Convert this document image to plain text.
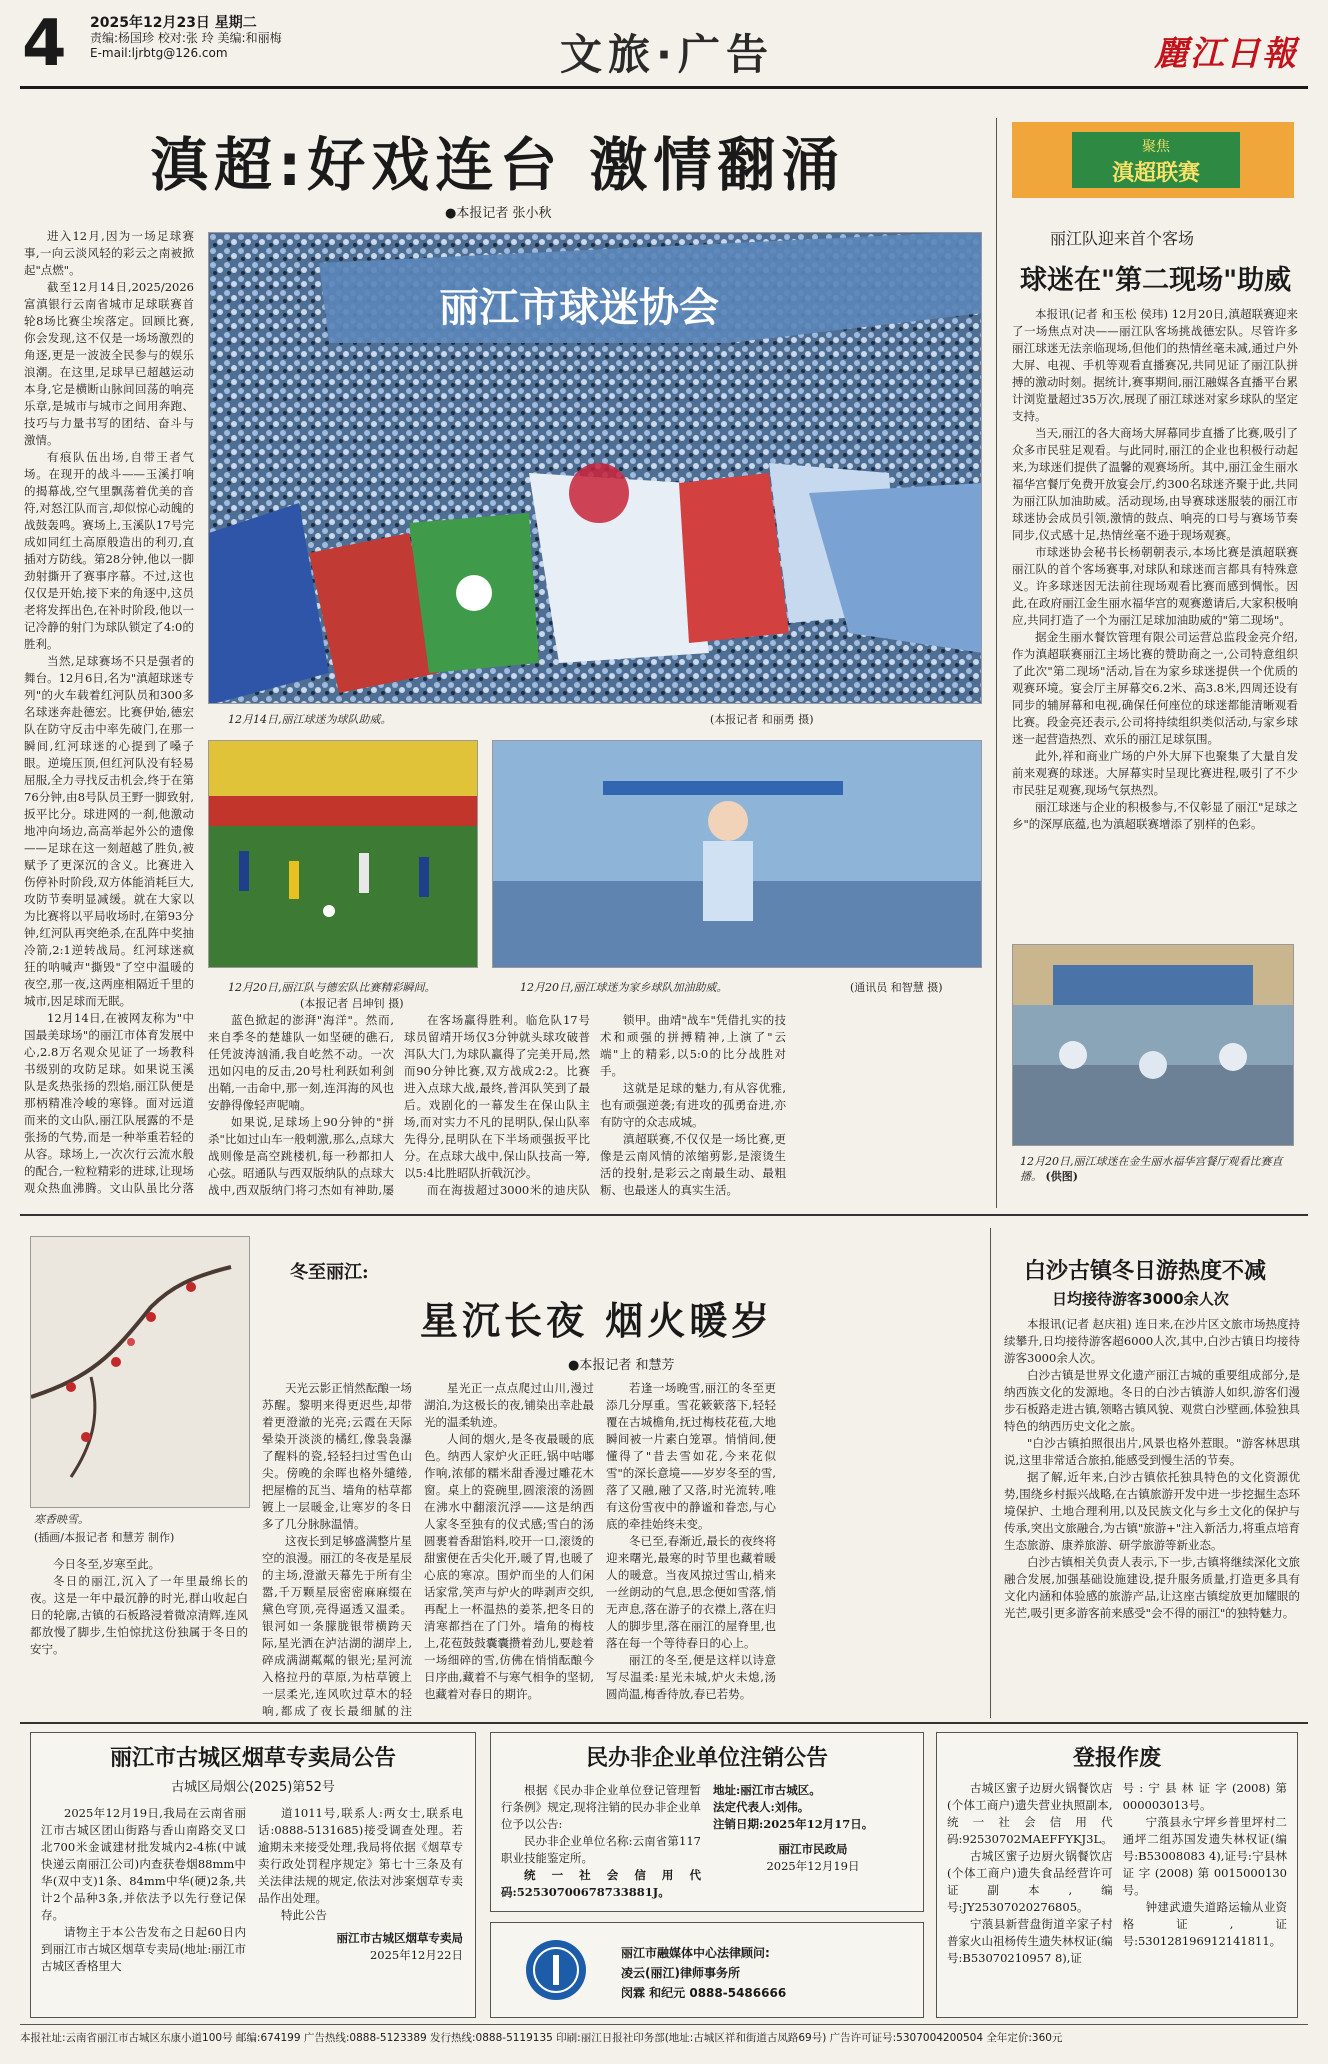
4 2025年12月23日 星期二
责编:杨国珍 校对:张 玲 美编:和丽梅
E-mail:ljrbtg@126.com	文旅·广告	麗江日報
滇超:好戏连台 激情翻涌
●本报记者 张小秋

进入12月,因为一场足球赛事,一向云淡风轻的彩云之南被掀起"点燃"。

截至12月14日,2025/2026富滇银行云南省城市足球联赛首轮8场比赛尘埃落定。回顾比赛,你会发现,这不仅是一场场激烈的角逐,更是一波波全民参与的娱乐浪潮。在这里,足球早已超越运动本身,它是横断山脉间回荡的响亮乐章,是城市与城市之间用奔跑、技巧与力量书写的团结、奋斗与激情。

有痕队伍出场,自带王者气场。在现开的战斗——玉溪打响的揭幕战,空气里飘荡着优美的音符,对怒江队而言,却似惊心动魄的战鼓轰鸣。赛场上,玉溪队17号完成如同红土高原般造出的利刃,直插对方防线。第28分钟,他以一脚劲射撕开了赛事序幕。不过,这也仅仅是开始,接下来的角逐中,这员老将发挥出色,在补时阶段,他以一记冷静的射门为球队锁定了4:0的胜利。

当然,足球赛场不只是强者的舞台。12月6日,名为"滇超球迷专列"的火车载着红河队员和300多名球迷奔赴德宏。比赛伊始,德宏队在防守反击中率先破门,在那一瞬间,红河球迷的心提到了嗓子眼。逆境压顶,但红河队没有轻易屈服,全力寻找反击机会,终于在第76分钟,由8号队员王野一脚致射,扳平比分。球进网的一刹,他激动地冲向场边,高高举起外公的遗像——足球在这一刻超越了胜负,被赋予了更深沉的含义。比赛进入伤停补时阶段,双方体能消耗巨大,攻防节奏明显减缓。就在大家以为比赛将以平局收场时,在第93分钟,红河队再突绝杀,在乱阵中奖抽冷箭,2:1逆转战局。红河球迷疯狂的呐喊声"撕毁"了空中温暖的夜空,那一夜,这两座相隔近千里的城市,因足球而无眠。

12月14日,在被网友称为"中国最美球场"的丽江市体育发展中心,2.8万名观众见证了一场教科书级别的攻防足球。如果说玉溪队是炙热张扬的烈焰,丽江队便是那柄精准冷峻的寒锋。面对远道而来的文山队,丽江队展露的不是张扬的气势,而是一种举重若轻的从容。球场上,一次次行云流水般的配合,一粒粒精彩的进球,让现场观众热血沸腾。文山队虽比分落

丽江市球迷协会
12月14日,丽江球迷为球队助威。	(本报记者 和丽勇 摄)
12月20日,丽江队与德宏队比赛精彩瞬间。
(本报记者 吕坤钊 摄)
12月20日,丽江球迷为家乡球队加油助威。	(通讯员 和智慧 摄)

蓝色掀起的澎湃"海洋"。然而,来自季冬的楚雄队一如坚硬的礁石,任凭波涛汹涌,我自屹然不动。一次迅如闪电的反击,20号杜利跃如利剑出鞘,一击命中,那一刻,连洱海的风也安静得像轻声呢喃。

如果说,足球场上90分钟的"拼杀"比如过山车一般刺激,那么,点球大战则像是高空跳楼机,每一秒都扣人心弦。昭通队与西双版纳队的点球大战中,西双版纳门将刁杰如有神助,屡

在客场赢得胜利。临危队17号球员留靖开场仅3分钟就头球攻破普洱队大门,为球队赢得了完美开局,然而90分钟比赛,双方战成2:2。比赛进入点球大战,最终,普洱队笑到了最后。戏剧化的一幕发生在保山队主场,而对实力不凡的昆明队,保山队率先得分,昆明队在下半场顽强扳平比分。在点球大战中,保山队技高一筹,以5:4比胜昭队折戟沉沙。

而在海拔超过3000米的迪庆队

锁甲。曲靖"战车"凭借扎实的技术和顽强的拼搏精神,上演了"云端"上的精彩,以5:0的比分战胜对手。

这就是足球的魅力,有从容优雅,也有顽强逆袭;有进攻的孤勇奋进,亦有防守的众志成城。

滇超联赛,不仅仅是一场比赛,更像是云南风情的浓缩剪影,是滚烫生活的投射,是彩云之南最生动、最粗粝、也最迷人的真实生活。

聚焦
滇超联赛
丽江队迎来首个客场
球迷在"第二现场"助威

本报讯(记者 和玉松 侯玮) 12月20日,滇超联赛迎来了一场焦点对决——丽江队客场挑战德宏队。尽管许多丽江球迷无法亲临现场,但他们的热情丝毫未减,通过户外大屏、电视、手机等观看直播赛况,共同见证了丽江队拼搏的激动时刻。据统计,赛事期间,丽江融媒各直播平台累计浏览量超过35万次,展现了丽江球迷对家乡球队的坚定支持。

当天,丽江的各大商场大屏幕同步直播了比赛,吸引了众多市民驻足观看。与此同时,丽江的企业也积极行动起来,为球迷们提供了温馨的观赛场所。其中,丽江金生丽水福华宫餐厅免费开放宴会厅,约300名球迷齐聚于此,共同为丽江队加油助威。活动现场,由导赛球迷服装的丽江市球迷协会成员引领,激情的鼓点、响亮的口号与赛场节奏同步,仪式感十足,热情丝毫不逊于现场观赛。

市球迷协会秘书长杨朝朝表示,本场比赛是滇超联赛丽江队的首个客场赛事,对球队和球迷而言都具有特殊意义。许多球迷因无法前往现场观看比赛而感到惆怅。因此,在政府丽江金生丽水福华宫的观赛邀请后,大家积极响应,共同打造了一个为丽江足球加油助威的"第二现场"。

据金生丽水餐饮管理有限公司运营总监段金亮介绍,作为滇超联赛丽江主场比赛的赞助商之一,公司特意组织了此次"第二现场"活动,旨在为家乡球迷提供一个优质的观赛环境。宴会厅主屏幕交6.2米、高3.8米,四周还设有同步的辅屏幕和电视,确保任何座位的球迷都能清晰观看比赛。段金亮还表示,公司将持续组织类似活动,与家乡球迷一起营造热烈、欢乐的丽江足球氛围。

此外,祥和商业广场的户外大屏下也聚集了大量自发前来观赛的球迷。大屏幕实时呈现比赛进程,吸引了不少市民驻足观赛,现场气氛热烈。

丽江球迷与企业的积极参与,不仅彰显了丽江"足球之乡"的深厚底蕴,也为滇超联赛增添了别样的色彩。

12月20日,丽江球迷在金生丽水福华宫餐厅观看比赛直播。 (供图)
寒香映雪。
(插画/本报记者 和慧芳 制作)

今日冬至,岁寒至此。

冬日的丽江,沉入了一年里最绵长的夜。这是一年中最沉静的时光,群山收起白日的轮廓,古镇的石板路浸着微凉清辉,连风都放慢了脚步,生怕惊扰这份独属于冬日的安宁。

冬至丽江:
星沉长夜 烟火暖岁
●本报记者 和慧芳

天光云影正悄然酝酿一场苏醒。黎明来得更迟些,却带着更澄澈的光亮;云霞在天际晕染开淡淡的橘红,像袅袅瀑了醒料的瓷,轻轻扫过雪色山尖。傍晚的余晖也格外缱绻,把屋檐的瓦当、墙角的枯草都镀上一层暖金,让寒岁的冬日多了几分脉脉温情。

这夜长到足够盛满整片星空的浪漫。丽江的冬夜是星辰的主场,澄澈天幕先于所有尘嚣,千万颗星辰密密麻麻缀在黛色穹顶,亮得逼透又温柔。银河如一条朦胧银带横跨天际,星光洒在泸沽湖的湖岸上,碎成满湖粼粼的银光;星河流入格拉丹的草原,为枯草镀上一层柔光,连风吹过草木的轻响,都成了夜长最细腻的注

星光正一点点爬过山川,漫过湖泊,为这极长的夜,铺染出幸赴最光的温柔轨迹。

人间的烟火,是冬夜最暖的底色。纳西人家炉火正旺,锅中咕嘟作响,浓郁的糯米甜香漫过雕花木窗。桌上的瓷碗里,圆滚滚的汤圆在沸水中翻滚沉浮——这是纳西人家冬至独有的仪式感;雪白的汤圆裹着香甜馅料,咬开一口,滚烫的甜蜜便在舌尖化开,暖了胃,也暖了心底的寒凉。围炉而坐的人们闲话家常,笑声与炉火的哔剥声交织,再配上一杯温热的姜茶,把冬日的清寒都挡在了门外。墙角的梅枝上,花苞鼓鼓囊囊攒着劲儿,要趁着一场细碎的雪,仿佛在悄悄酝酿今日序曲,藏着不与寒气相争的坚韧,也藏着对春日的期许。

若逢一场晚雪,丽江的冬至更添几分厚重。雪花簌簌落下,轻轻覆在古城檐角,抚过梅枝花苞,大地瞬间被一片素白笼罩。悄悄间,便懂得了"昔去雪如花,今来花似雪"的深长意境——岁岁冬至的雪,落了又融,融了又落,时光流转,唯有这份雪夜中的静谧和眷恋,与心底的牵挂始终未变。

冬已至,春渐近,最长的夜终将迎来曙光,最寒的时节里也藏着暖人的暖意。当夜风掠过雪山,梢来一丝朗动的气息,思念便如雪落,悄无声息,落在游子的衣襟上,落在归人的脚步里,落在丽江的屋脊里,也落在每一个等待春日的心上。

丽江的冬至,便是这样以诗意写尽温柔:星光未城,炉火未熄,汤圆尚温,梅香待放,春已若势。

白沙古镇冬日游热度不减
日均接待游客3000余人次

本报讯(记者 赵庆祖) 连日来,在沙片区文旅市场热度持续攀升,日均接待游客超6000人次,其中,白沙古镇日均接待游客3000余人次。

白沙古镇是世界文化遗产丽江古城的重要组成部分,是纳西族文化的发源地。冬日的白沙古镇游人如织,游客们漫步石板路走进古镇,领略古镇风貌、观赏白沙壁画,体验独具特色的纳西历史文化之旅。

"白沙古镇拍照很出片,风景也格外惹眼。"游客林思琪说,这里非常适合旅拍,能感受到慢生活的节奏。

据了解,近年来,白沙古镇依托独具特色的文化资源优势,围绕乡村振兴战略,在古镇旅游开发中进一步挖掘生态环境保护、土地合理利用,以及民族文化与乡土文化的保护与传承,突出文旅融合,为古镇"旅游+"注入新活力,将重点培育生态旅游、康养旅游、研学旅游等新业态。

白沙古镇相关负责人表示,下一步,古镇将继续深化文旅融合发展,加强基础设施建设,提升服务质量,打造更多具有文化内涵和体验感的旅游产品,让这座古镇绽放更加耀眼的光芒,吸引更多游客前来感受"会不得的丽江"的独特魅力。

丽江市古城区烟草专卖局公告
古城区局烟公(2025)第52号

2025年12月19日,我局在云南省丽江市古城区团山街路与香山南路交叉口北700米金诚建材批发城内2-4栋(中诚快递云南丽江公司)内查获卷烟88mm中华(双中支)1条、84mm中华(硬)2条,共计2个品种3条,并依法予以先行登记保存。

请物主于本公告发布之日起60日内到丽江市古城区烟草专卖局(地址:丽江市古城区香格里大

道1011号,联系人:两女士,联系电话:0888-5131685)接受调查处理。若逾期未来接受处理,我局将依据《烟草专卖行政处罚程序规定》第七十三条及有关法律法规的规定,依法对涉案烟草专卖品作出处理。

特此公告

丽江市古城区烟草专卖局

2025年12月22日

民办非企业单位注销公告

根据《民办非企业单位登记管理暂行条例》规定,现将注销的民办非企业单位予以公告:

民办非企业单位名称:云南省第117职业技能鉴定所。

统一社会信用代码:52530700678733881J。

地址:丽江市古城区。

法定代表人:刘伟。

注销日期:2025年12月17日。

丽江市民政局

2025年12月19日

丽江市融媒体中心法律顾问:
凌云(丽江)律师事务所
闵霖 和纪元 0888-5486666
登报作废

古城区蜜子边厨火锅餐饮店(个体工商户)遗失营业执照副本,统一社会信用代码:92530702MAEFFYKJ3L。

古城区蜜子边厨火锅餐饮店(个体工商户)遗失食品经营许可证副本,编号:JY25307020276805。

宁蒗县新营盘街道辛家子村普家火山祖杨传生遗失林权证(编号:B53070210957 8),证

号:宁县林证字(2008)第000003013号。

宁蒗县永宁坪乡普里坪村二通坪二组苏国发遗失林权证(编号:B53008083 4),证号:宁县林证字(2008)第0015000130号。

钟建武遗失道路运输从业资格证,证号:530128196912141811。

本报社址:云南省丽江市古城区东康小道100号 邮编:674199 广告热线:0888-5123389 发行热线:0888-5119135 印刷:丽江日报社印务部(地址:古城区祥和街道古凤路69号) 广告许可证号:5307004200504 全年定价:360元
